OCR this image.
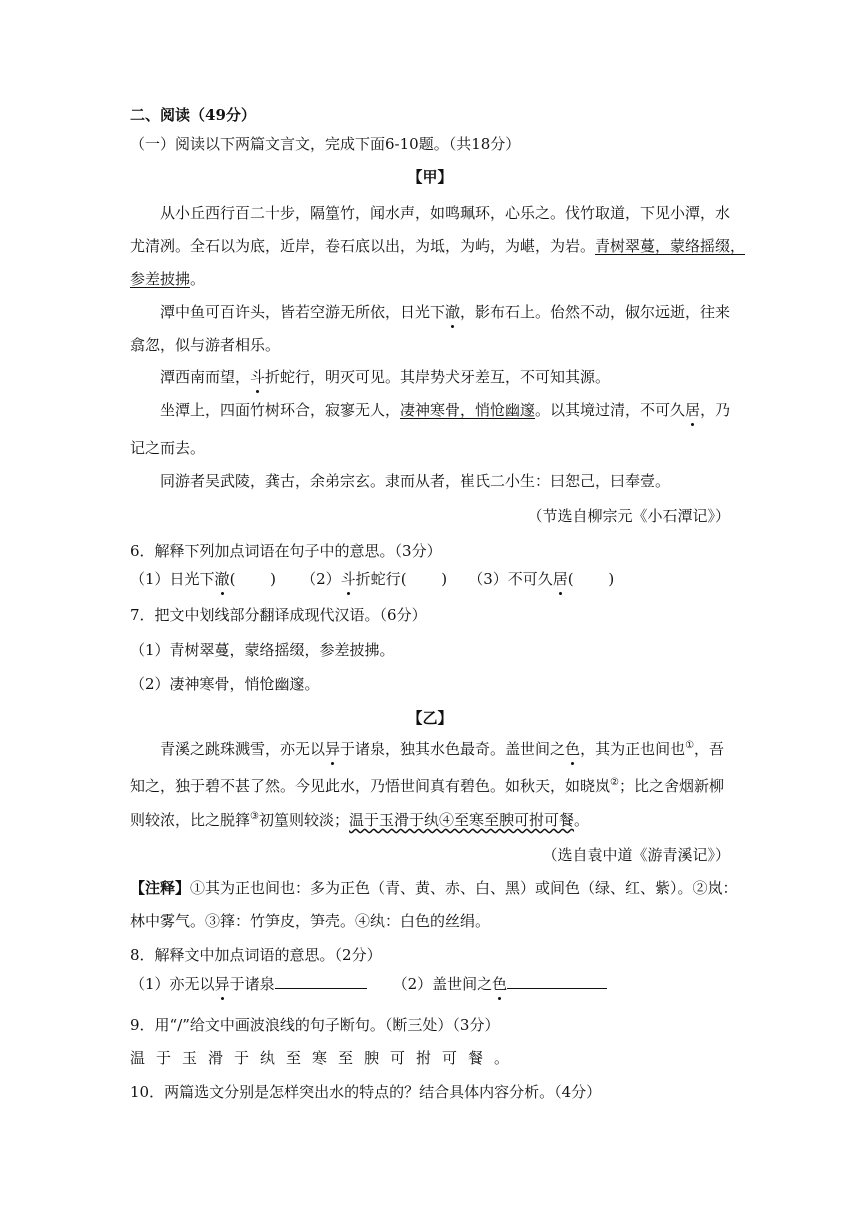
二、阅读（49分）
（一）阅读以下两篇文言文，完成下面6-10题。（共18分）
【甲】
从小丘西行百二十步，隔篁竹，闻水声，如鸣珮环，心乐之。伐竹取道，下见小潭，水
尤清冽。全石以为底，近岸，卷石底以出，为坻，为屿，为嵁，为岩。青树翠蔓，蒙络摇缀，
参差披拂。
潭中鱼可百许头，皆若空游无所依，日光下澈，影布石上。佁然不动，俶尔远逝，往来
翕忽，似与游者相乐。
潭西南而望，斗折蛇行，明灭可见。其岸势犬牙差互，不可知其源。
坐潭上，四面竹树环合，寂寥无人，凄神寒骨，悄怆幽邃。以其境过清，不可久居，乃
记之而去。
同游者吴武陵，龚古，余弟宗玄。隶而从者，崔氏二小生：曰恕己，曰奉壹。
（节选自柳宗元《小石潭记》）
6．解释下列加点词语在句子中的意思。（3分）
（1）日光下澈(　　 ) （2）斗折蛇行(　　 ) （3）不可久居(　　 )
7．把文中划线部分翻译成现代汉语。（6分）
（1）青树翠蔓，蒙络摇缀，参差披拂。
（2）凄神寒骨，悄怆幽邃。
【乙】
青溪之跳珠溅雪，亦无以异于诸泉，独其水色最奇。盖世间之色，其为正也间也①，吾
知之，独于碧不甚了然。今见此水，乃悟世间真有碧色。如秋天，如晓岚②；比之舍烟新柳
则较浓，比之脱箨③初篁则较淡；温于玉滑于纨④至寒至腴可拊可餐。
（选自袁中道《游青溪记》）
【注释】①其为正也间也：多为正色（青、黄、赤、白、黑）或间色（绿、红、紫）。②岚：
林中雾气。③箨：竹笋皮，笋壳。④纨：白色的丝绢。
8．解释文中加点词语的意思。（2分）
（1）亦无以异于诸泉	（2）盖世间之色
9．用“/”给文中画波浪线的句子断句。（断三处）（3分）
温于玉滑于纨至寒至腴可拊可餐。
10．两篇选文分别是怎样突出水的特点的？结合具体内容分析。（4分）
